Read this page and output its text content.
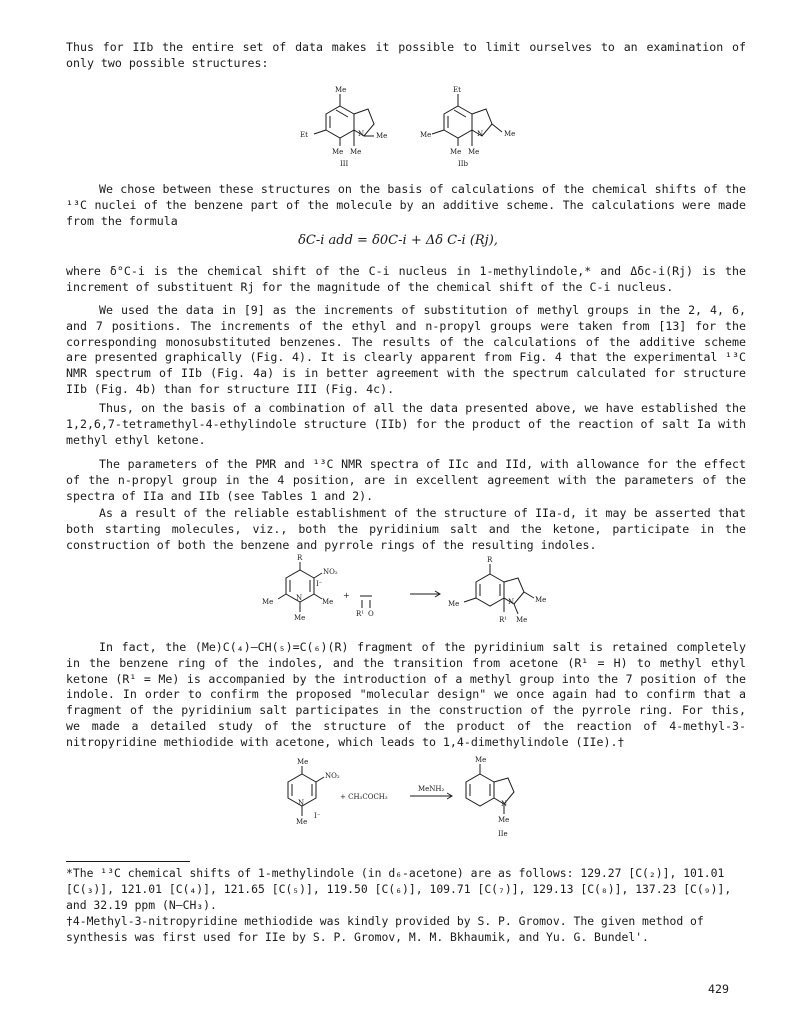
Thus for IIb the entire set of data makes it possible to limit ourselves to an examination of only two possible structures:

Me
Et	N Me
Me Me
III
Et
Me	N	Me
Me Me
IIb

We chose between these structures on the basis of calculations of the chemical shifts of the ¹³C nuclei of the benzene part of the molecule by an additive scheme. The calculations were made from the formula

δC-i add = δ0C-i + Δδ C-i (Rj),

where δ°C-i is the chemical shift of the C-i nucleus in 1-methylindole,* and Δδc-i(Rj) is the increment of substituent Rj for the magnitude of the chemical shift of the C-i nucleus.

We used the data in [9] as the increments of substitution of methyl groups in the 2, 4, 6, and 7 positions. The increments of the ethyl and n-propyl groups were taken from [13] for the corresponding monosubstituted benzenes. The results of the calculations of the additive scheme are presented graphically (Fig. 4). It is clearly apparent from Fig. 4 that the experimental ¹³C NMR spectrum of IIb (Fig. 4a) is in better agreement with the spectrum calculated for structure IIb (Fig. 4b) than for structure III (Fig. 4c).

Thus, on the basis of a combination of all the data presented above, we have established the 1,2,6,7-tetramethyl-4-ethylindole structure (IIb) for the product of the reaction of salt Ia with methyl ethyl ketone.

The parameters of the PMR and ¹³C NMR spectra of IIc and IId, with allowance for the effect of the n-propyl group in the 4 position, are in excellent agreement with the parameters of the spectra of IIa and IIb (see Tables 1 and 2).

As a result of the reliable establishment of the structure of IIa-d, it may be asserted that both starting molecules, viz., both the pyridinium salt and the ketone, participate in the construction of both the benzene and pyrrole rings of the resulting indoles.

R
NO₂
I⁻
Me	N	Me
Me
+
R¹ O
R
Me	N	Me
R¹ Me

In fact, the (Me)C(₄)–CH(₅)=C(₆)(R) fragment of the pyridinium salt is retained completely in the benzene ring of the indoles, and the transition from acetone (R¹ = H) to methyl ethyl ketone (R¹ = Me) is accompanied by the introduction of a methyl group into the 7 position of the indole. In order to confirm the proposed "molecular design" we once again had to confirm that a fragment of the pyridinium salt participates in the construction of the pyrrole ring. For this, we made a detailed study of the structure of the product of the reaction of 4-methyl-3-nitropyridine methiodide with acetone, which leads to 1,4-dimethylindole (IIe).†

Me
NO₂
N
Me
I⁻
+ CH₃COCH₃
MeNH₂
Me
N
Me
IIe

*The ¹³C chemical shifts of 1-methylindole (in d₆-acetone) are as follows: 129.27 [C(₂)], 101.01 [C(₃)], 121.01 [C(₄)], 121.65 [C(₅)], 119.50 [C(₆)], 109.71 [C(₇)], 129.13 [C(₈)], 137.23 [C(₉)], and 32.19 ppm (N–CH₃).

†4-Methyl-3-nitropyridine methiodide was kindly provided by S. P. Gromov. The given method of synthesis was first used for IIe by S. P. Gromov, M. M. Bkhaumik, and Yu. G. Bundel'.

429
